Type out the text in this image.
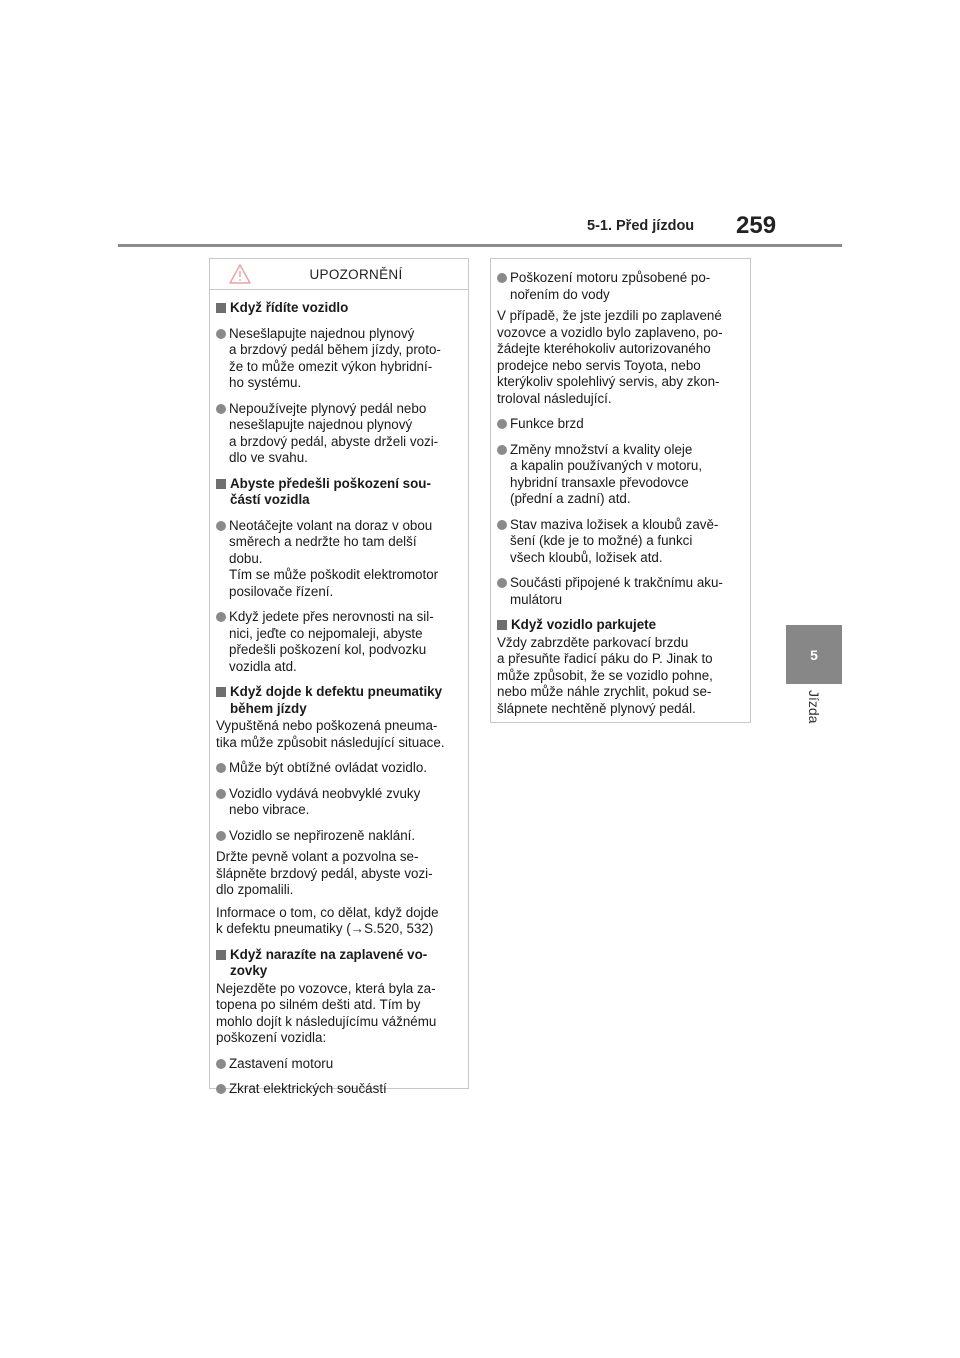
5-1. Před jízdou 259
5
Jízda
UPOZORNĚNÍ
Když řídíte vozidlo
Nesešlapujte najednou plynový
a brzdový pedál během jízdy, proto-
že to může omezit výkon hybridní-
ho systému.
Nepoužívejte plynový pedál nebo
nesešlapujte najednou plynový
a brzdový pedál, abyste drželi vozi-
dlo ve svahu.
Abyste předešli poškození sou-
částí vozidla
Neotáčejte volant na doraz v obou
směrech a nedržte ho tam delší
dobu.
Tím se může poškodit elektromotor
posilovače řízení.
Když jedete přes nerovnosti na sil-
nici, jeďte co nejpomaleji, abyste
předešli poškození kol, podvozku
vozidla atd.
Když dojde k defektu pneumatiky
během jízdy
Vypuštěná nebo poškozená pneuma-
tika může způsobit následující situace.
Může být obtížné ovládat vozidlo.
Vozidlo vydává neobvyklé zvuky
nebo vibrace.
Vozidlo se nepřirozeně naklání.
Držte pevně volant a pozvolna se-
šlápněte brzdový pedál, abyste vozi-
dlo zpomalili.
Informace o tom, co dělat, když dojde
k defektu pneumatiky (→S.520, 532)
Když narazíte na zaplavené vo-
zovky
Nejezděte po vozovce, která byla za-
topena po silném dešti atd. Tím by
mohlo dojít k následujícímu vážnému
poškození vozidla:
Zastavení motoru
Zkrat elektrických součástí
Poškození motoru způsobené po-
nořením do vody
V případě, že jste jezdili po zaplavené
vozovce a vozidlo bylo zaplaveno, po-
žádejte kteréhokoliv autorizovaného
prodejce nebo servis Toyota, nebo
kterýkoliv spolehlivý servis, aby zkon-
troloval následující.
Funkce brzd
Změny množství a kvality oleje
a kapalin používaných v motoru,
hybridní transaxle převodovce
(přední a zadní) atd.
Stav maziva ložisek a kloubů zavě-
šení (kde je to možné) a funkci
všech kloubů, ložisek atd.
Součásti připojené k trakčnímu aku-
mulátoru
Když vozidlo parkujete
Vždy zabrzděte parkovací brzdu
a přesuňte řadicí páku do P. Jinak to
může způsobit, že se vozidlo pohne,
nebo může náhle zrychlit, pokud se-
šlápnete nechtěně plynový pedál.
